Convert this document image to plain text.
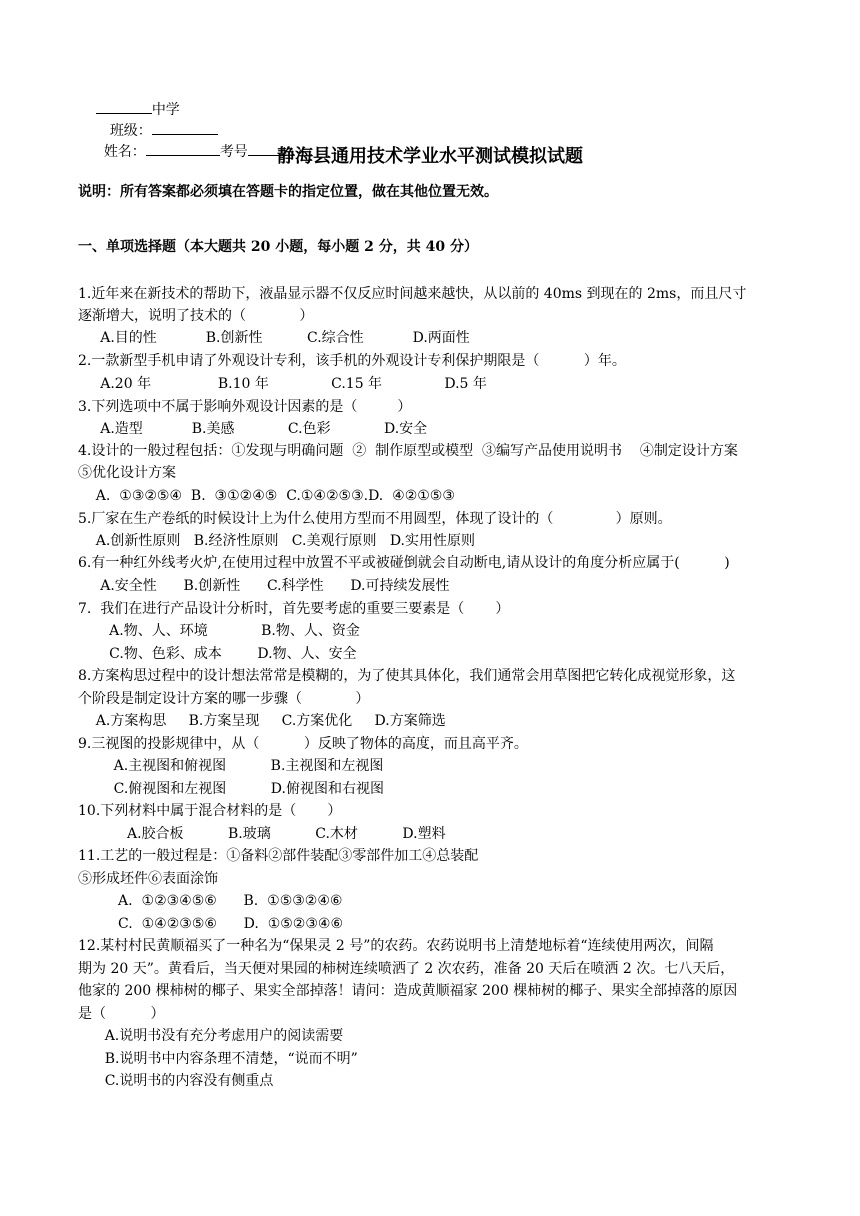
中学
班级：
姓名：	考号
	静海县通用技术学业水平测试模拟试题
说明：所有答案都必须填在答题卡的指定位置，做在其他位置无效。
一、单项选择题（本大题共 20 小题，每小题 2 分，共 40 分）
1.近年来在新技术的帮助下，液晶显示器不仅反应时间越来越快，从以前的 40ms 到现在的 2ms，而且尺寸
逐渐增大，说明了技术的（            ）
A.目的性           B.创新性          C.综合性           D.两面性
2.一款新型手机申请了外观设计专利，该手机的外观设计专利保护期限是（          ）年。
A.20 年               B.10 年              C.15 年              D.5 年
3.下列选项中不属于影响外观设计因素的是（         ）
A.造型           B.美感            C.色彩            D.安全
4.设计的一般过程包括：①发现与明确问题  ②  制作原型或模型  ③编写产品使用说明书    ④制定设计方案
⑤优化设计方案
A.  ①③②⑤④  B.  ③①②④⑤  C.①④②⑤③.D.  ④②①⑤③
5.厂家在生产卷纸的时候设计上为什么使用方型而不用圆型，体现了设计的（              ）原则。
A.创新性原则   B.经济性原则   C.美观行原则   D.实用性原则
6.有一种红外线考火炉,在使用过程中放置不平或被碰倒就会自动断电,请从设计的角度分析应属于(          )
A.安全性      B.创新性      C.科学性      D.可持续发展性
7.  我们在进行产品设计分析时，首先要考虑的重要三要素是（       ）
A.物、人、环境            B.物、人、资金
C.物、色彩、成本        D.物、人、安全
8.方案构思过程中的设计想法常常是模糊的，为了使其具体化，我们通常会用草图把它转化成视觉形象，这
个阶段是制定设计方案的哪一步骤（            ）
A.方案构思     B.方案呈现     C.方案优化     D.方案筛选
9.三视图的投影规律中，从（          ）反映了物体的高度，而且高平齐。
A.主视图和俯视图          B.主视图和左视图
C.俯视图和左视图          D.俯视图和右视图
10.下列材料中属于混合材料的是（       ）
A.胶合板          B.玻璃          C.木材          D.塑料
11.工艺的一般过程是：①备料②部件装配③零部件加工④总装配
⑤形成坯件⑥表面涂饰
A.  ①②③④⑤⑥      B.  ①⑤③②④⑥
C.  ①④②③⑤⑥      D.  ①⑤②③④⑥
12.某村村民黄顺福买了一种名为“保果灵 2 号”的农药。农药说明书上清楚地标着“连续使用两次，间隔
期为 20 天”。黄看后，当天便对果园的柿树连续喷洒了 2 次农药，准备 20 天后在喷洒 2 次。七八天后，
他家的 200 棵柿树的椰子、果实全部掉落！请问：造成黄顺福家 200 棵柿树的椰子、果实全部掉落的原因
是（          ）
A.说明书没有充分考虑用户的阅读需要
B.说明书中内容条理不清楚，“说而不明”
C.说明书的内容没有侧重点
